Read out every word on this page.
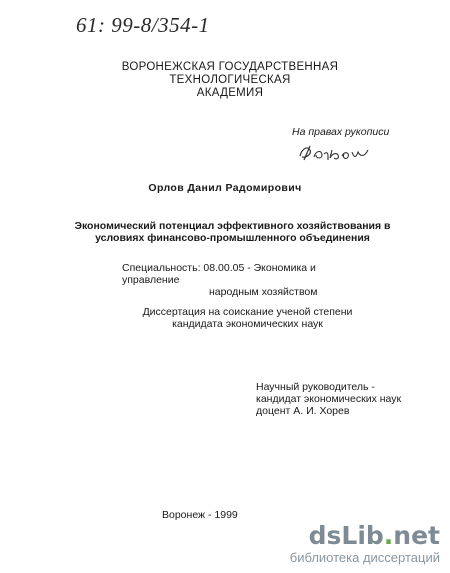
61: 99-8/354-1
ВОРОНЕЖСКАЯ ГОСУДАРСТВЕННАЯ ТЕХНОЛОГИЧЕСКАЯ
АКАДЕМИЯ
На правах рукописи
Орлов Данил Радомирович
Экономический потенциал эффективного хозяйствования в
условиях финансово-промышленного объединения
Специальность: 08.00.05 - Экономика и управление
народным хозяйством
Диссертация на соискание ученой степени
кандидата экономических наук
Научный руководитель -
кандидат экономических наук
доцент А. И. Хорев
Воронеж - 1999
dsLib.net
библиотека диссертаций
